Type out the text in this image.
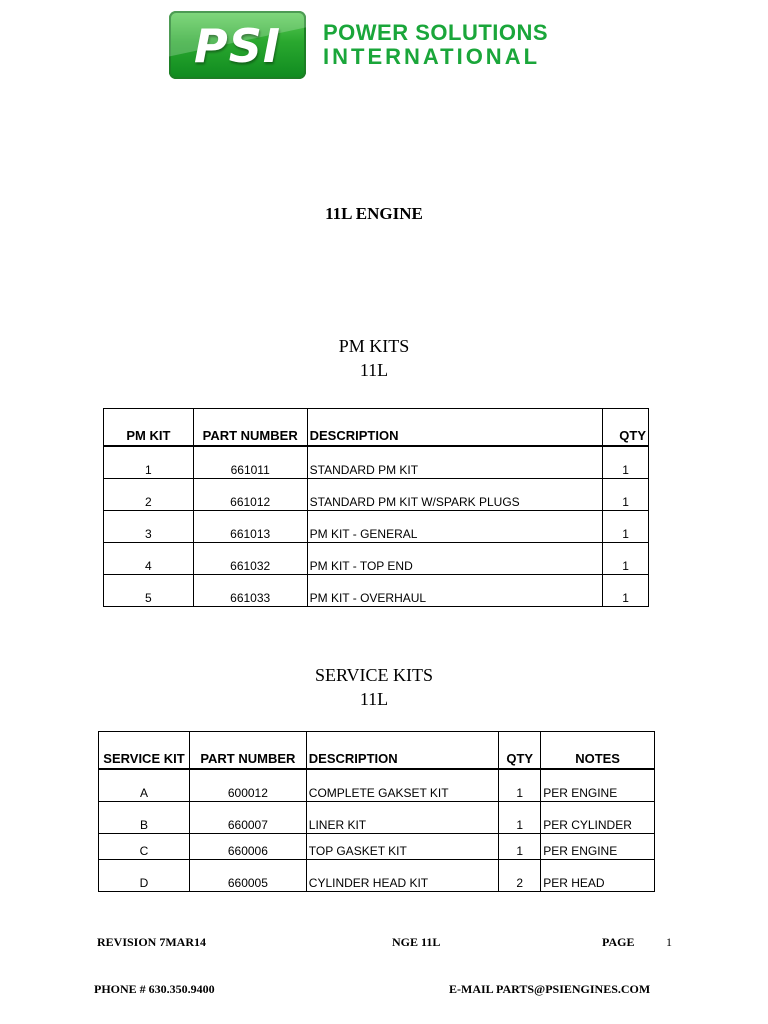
PSI	POWER SOLUTIONS
INTERNATIONAL
11L ENGINE
PM KITS
11L
PM KIT	PART NUMBER	DESCRIPTION	QTY
1	661011	STANDARD PM KIT	1
2	661012	STANDARD PM KIT W/SPARK PLUGS	1
3	661013	PM KIT - GENERAL	1
4	661032	PM KIT - TOP END	1
5	661033	PM KIT - OVERHAUL	1
SERVICE KITS
11L
SERVICE KIT	PART NUMBER	DESCRIPTION	QTY	NOTES
A	600012	COMPLETE GAKSET KIT	1	PER ENGINE
B	660007	LINER KIT	1	PER CYLINDER
C	660006	TOP GASKET KIT	1	PER ENGINE
D	660005	CYLINDER HEAD KIT	2	PER HEAD
REVISION 7MAR14	NGE 11L	PAGE	1
PHONE # 630.350.9400	E-MAIL PARTS@PSIENGINES.COM
